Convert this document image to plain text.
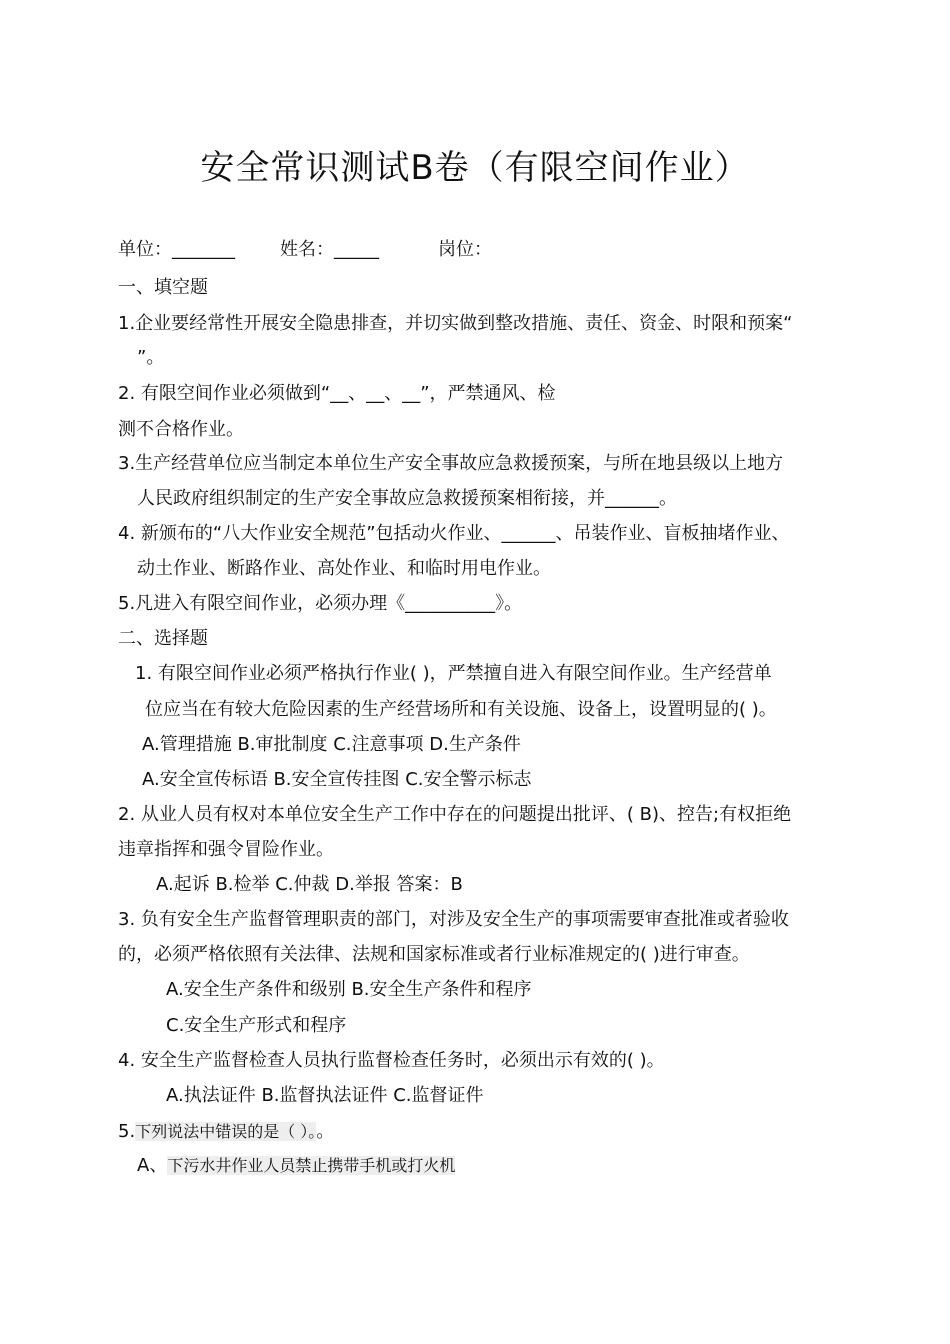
安全常识测试B卷（有限空间作业）
单位：_______	姓名：_____	岗位：
一、填空题
1.企业要经常性开展安全隐患排查，并切实做到整改措施、责任、资金、时限和预案“
”。
2. 有限空间作业必须做到“__、__、__”，严禁通风、检
测不合格作业。
3.生产经营单位应当制定本单位生产安全事故应急救援预案，与所在地县级以上地方
人民政府组织制定的生产安全事故应急救援预案相衔接，并______。
4. 新颁布的“八大作业安全规范”包括动火作业、______、吊装作业、盲板抽堵作业、
动土作业、断路作业、高处作业、和临时用电作业。
5.凡进入有限空间作业，必须办理《__________》。
二、选择题
1. 有限空间作业必须严格执行作业( )，严禁擅自进入有限空间作业。生产经营单
位应当在有较大危险因素的生产经营场所和有关设施、设备上，设置明显的( )。
A.管理措施 B.审批制度 C.注意事项 D.生产条件
A.安全宣传标语 B.安全宣传挂图 C.安全警示标志
2. 从业人员有权对本单位安全生产工作中存在的问题提出批评、( B)、控告;有权拒绝
违章指挥和强令冒险作业。
A.起诉 B.检举 C.仲裁 D.举报 答案：B
3. 负有安全生产监督管理职责的部门，对涉及安全生产的事项需要审查批准或者验收
的，必须严格依照有关法律、法规和国家标准或者行业标准规定的( )进行审查。
A.安全生产条件和级别 B.安全生产条件和程序
C.安全生产形式和程序
4. 安全生产监督检查人员执行监督检查任务时，必须出示有效的( )。
A.执法证件 B.监督执法证件 C.监督证件
5.下列说法中错误的是（ ）。。
A、下污水井作业人员禁止携带手机或打火机
